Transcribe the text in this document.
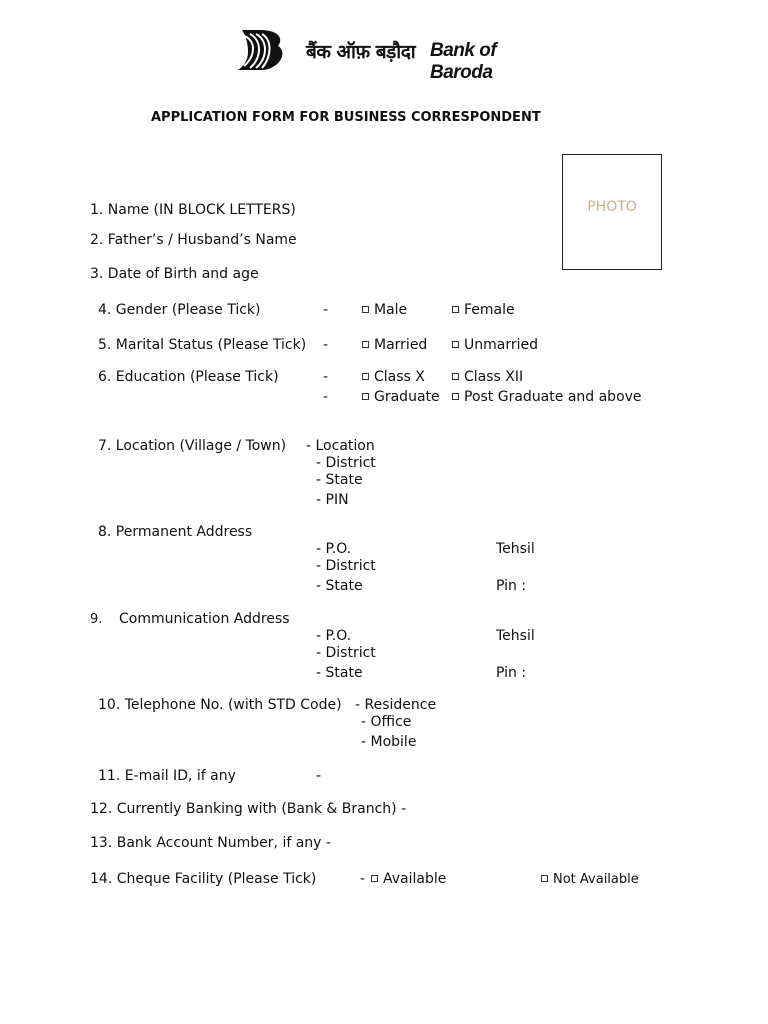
बैंक ऑफ़ बड़ौदा Bank of Baroda
APPLICATION FORM FOR BUSINESS CORRESPONDENT
PHOTO
1. Name (IN BLOCK LETTERS)
2. Father’s / Husband’s Name
3. Date of Birth and age
4. Gender (Please Tick)	-	Male	Female
5. Marital Status (Please Tick) -	Married	Unmarried
6. Education (Please Tick)	-	Class X	Class XII
-	Graduate	Post Graduate and above
7. Location (Village / Town) - Location
- District
- State
- PIN
8. Permanent Address
- P.O.	Tehsil
- District
- State	Pin :
9. Communication Address
- P.O.	Tehsil
- District
- State	Pin :
10. Telephone No. (with STD Code) - Residence
- Office
- Mobile
11. E-mail ID, if any	-
12. Currently Banking with (Bank & Branch) -
13. Bank Account Number, if any -
14. Cheque Facility (Please Tick)	-	Available	Not Available
